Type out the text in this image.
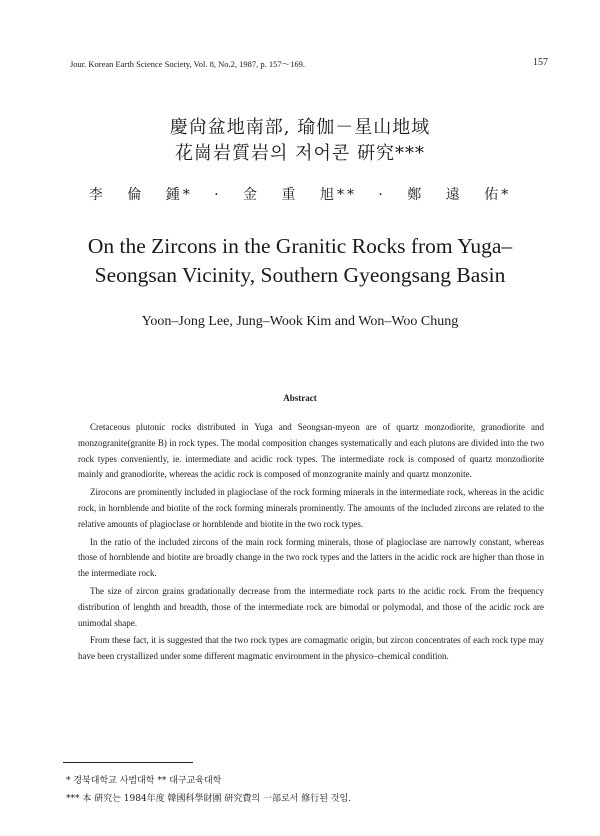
Jour. Korean Earth Science Society, Vol. 8, No.2, 1987, p. 157～169.	157
慶尙盆地南部, 瑜伽－星山地域
花崗岩質岩의 저어콘 硏究***
李 倫 鍾* · 金 重 旭** · 鄭 遠 佑*
On the Zircons in the Granitic Rocks from Yuga–
Seongsan Vicinity, Southern Gyeongsang Basin
Yoon–Jong Lee, Jung–Wook Kim and Won–Woo Chung
Abstract

Cretaceous plutonic rocks distributed in Yuga and Seongsan-myeon are of quartz monzodiorite, granodiorite and monzogranite(granite B) in rock types. The modal composition changes systematically and each plutons are divided into the two rock types conveniently, ie. intermediate and acidic rock types. The intermediate rock is composed of quartz monzodiorite mainly and granodiorite, whereas the acidic rock is composed of monzogranite mainly and quartz monzonite.

Zirocons are prominently included in plagioclase of the rock forming minerals in the intermediate rock, whereas in the acidic rock, in hornblende and biotite of the rock forming minerals prominently. The amounts of the included zircons are related to the relative amounts of plagioclase or hornblende and biotite in the two rock types.

In the ratio of the included zircons of the main rock forming minerals, those of plagioclase are narrowly constant, whereas those of hornblende and biotite are broadly change in the two rock types and the latters in the acidic rock are higher than those in the intermediate rock.

The size of zircon grains gradationally decrease from the intermediate rock parts to the acidic rock. From the frequency distribution of lenghth and breadth, those of the intermediate rock are bimodal or polymodal, and those of the acidic rock are unimodal shape.

From these fact, it is suggested that the two rock types are comagmatic origin, but zircon concentrates of each rock type may have been crystallized under some different magmatic environment in the physico–chemical condition.

* 경북대학교 사범대학 ** 대구교육대학
*** 本 硏究는 1984年度 韓國科學財團 硏究費의 一部로서 修行된 것임.
